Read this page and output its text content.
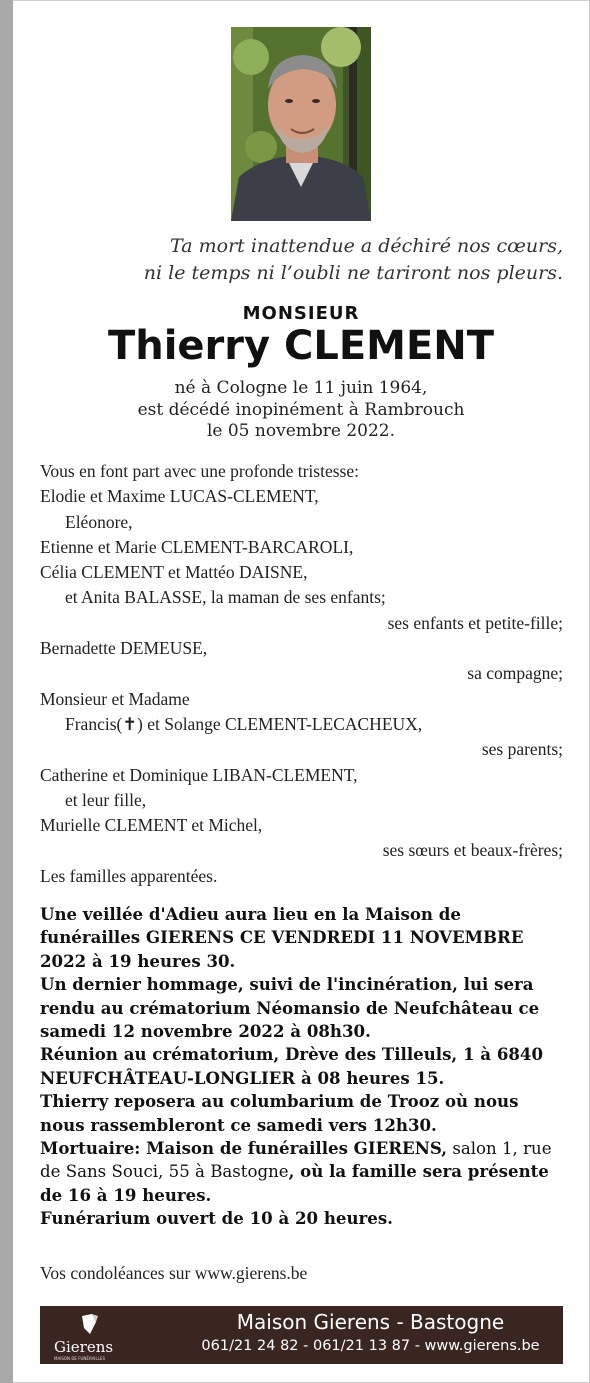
Ta mort inattendue a déchiré nos cœurs,
ni le temps ni l’oubli ne tariront nos pleurs.
MONSIEUR
Thierry CLEMENT
né à Cologne le 11 juin 1964,
est décédé inopinément à Rambrouch
le 05 novembre 2022.
Vous en font part avec une profonde tristesse:
Elodie et Maxime LUCAS-CLEMENT,
Eléonore,
Etienne et Marie CLEMENT-BARCAROLI,
Célia CLEMENT et Mattéo DAISNE,
et Anita BALASSE, la maman de ses enfants;
ses enfants et petite-fille;
Bernadette DEMEUSE,
sa compagne;
Monsieur et Madame
Francis(✝) et Solange CLEMENT-LECACHEUX,
ses parents;
Catherine et Dominique LIBAN-CLEMENT,
et leur fille,
Murielle CLEMENT et Michel,
ses sœurs et beaux-frères;
Les familles apparentées.
Une veillée d'Adieu aura lieu en la Maison de
funérailles GIERENS CE VENDREDI 11 NOVEMBRE
2022 à 19 heures 30.
Un dernier hommage, suivi de l'incinération, lui sera
rendu au crématorium Néomansio de Neufchâteau ce
samedi 12 novembre 2022 à 08h30.
Réunion au crématorium, Drève des Tilleuls, 1 à 6840
NEUFCHÂTEAU-LONGLIER à 08 heures 15.
Thierry reposera au columbarium de Trooz où nous
nous rassembleront ce samedi vers 12h30.
Mortuaire: Maison de funérailles GIERENS, salon 1, rue
de Sans Souci, 55 à Bastogne, où la famille sera présente
de 16 à 19 heures.
Funérarium ouvert de 10 à 20 heures.
Vos condoléances sur www.gierens.be
Gierens
MAISON DE FUNÉRAILLES
Maison Gierens - Bastogne
061/21 24 82 - 061/21 13 87 - www.gierens.be
